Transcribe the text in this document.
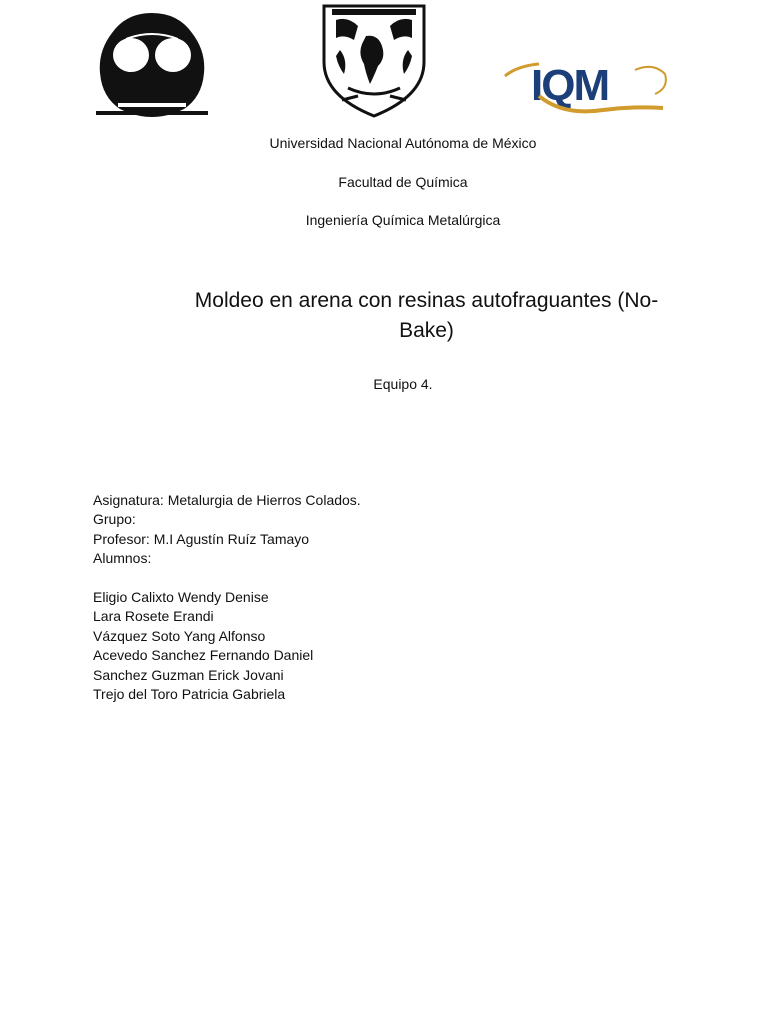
IQM
Universidad Nacional Autónoma de México
Facultad de Química
Ingeniería Química Metalúrgica
Moldeo en arena con resinas autofraguantes (No-
Bake)
Equipo 4.
Asignatura: Metalurgia de Hierros Colados.
Grupo:
Profesor: M.I Agustín Ruíz Tamayo
Alumnos:
Eligio Calixto Wendy Denise
Lara Rosete Erandi
Vázquez Soto Yang Alfonso
Acevedo Sanchez Fernando Daniel
Sanchez Guzman Erick Jovani
Trejo del Toro Patricia Gabriela
